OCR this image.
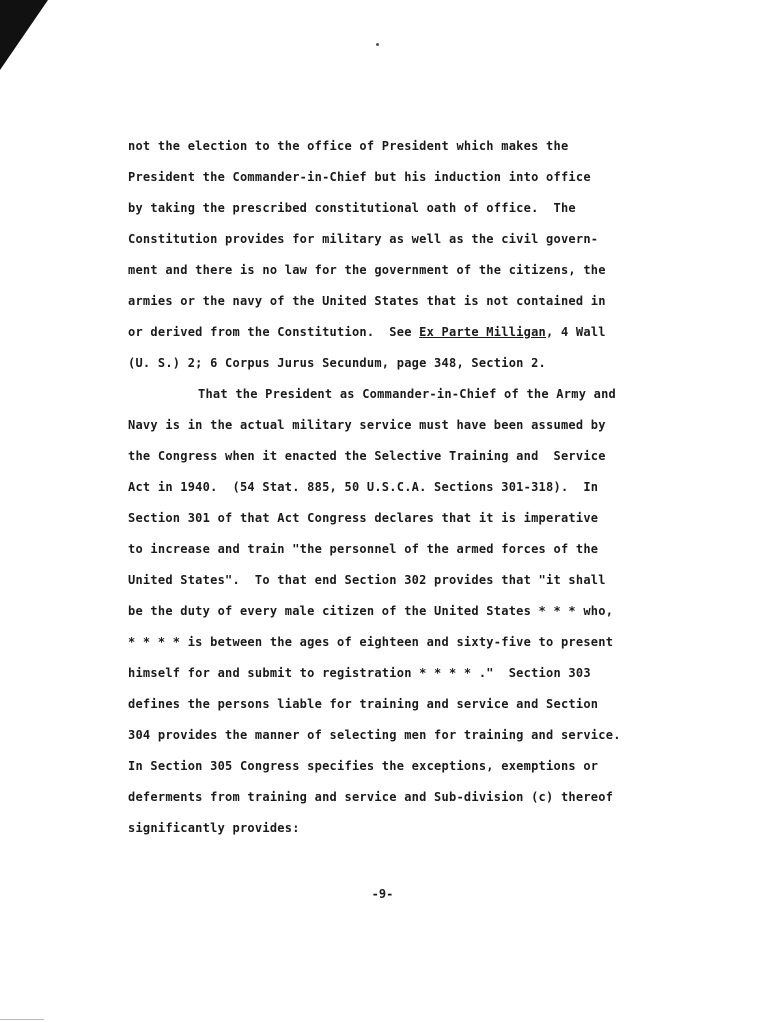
not the election to the office of President which makes the
President the Commander-in-Chief but his induction into office
by taking the prescribed constitutional oath of office.  The
Constitution provides for military as well as the civil govern-
ment and there is no law for the government of the citizens, the
armies or the navy of the United States that is not contained in
or derived from the Constitution.  See Ex Parte Milligan, 4 Wall
(U. S.) 2; 6 Corpus Jurus Secundum, page 348, Section 2.
That the President as Commander-in-Chief of the Army and
Navy is in the actual military service must have been assumed by
the Congress when it enacted the Selective Training and  Service
Act in 1940.  (54 Stat. 885, 50 U.S.C.A. Sections 301-318).  In
Section 301 of that Act Congress declares that it is imperative
to increase and train "the personnel of the armed forces of the
United States".  To that end Section 302 provides that "it shall
be the duty of every male citizen of the United States * * * who,
* * * * is between the ages of eighteen and sixty-five to present
himself for and submit to registration * * * * ."  Section 303
defines the persons liable for training and service and Section
304 provides the manner of selecting men for training and service.
In Section 305 Congress specifies the exceptions, exemptions or
deferments from training and service and Sub-division (c) thereof
significantly provides:
-9-
